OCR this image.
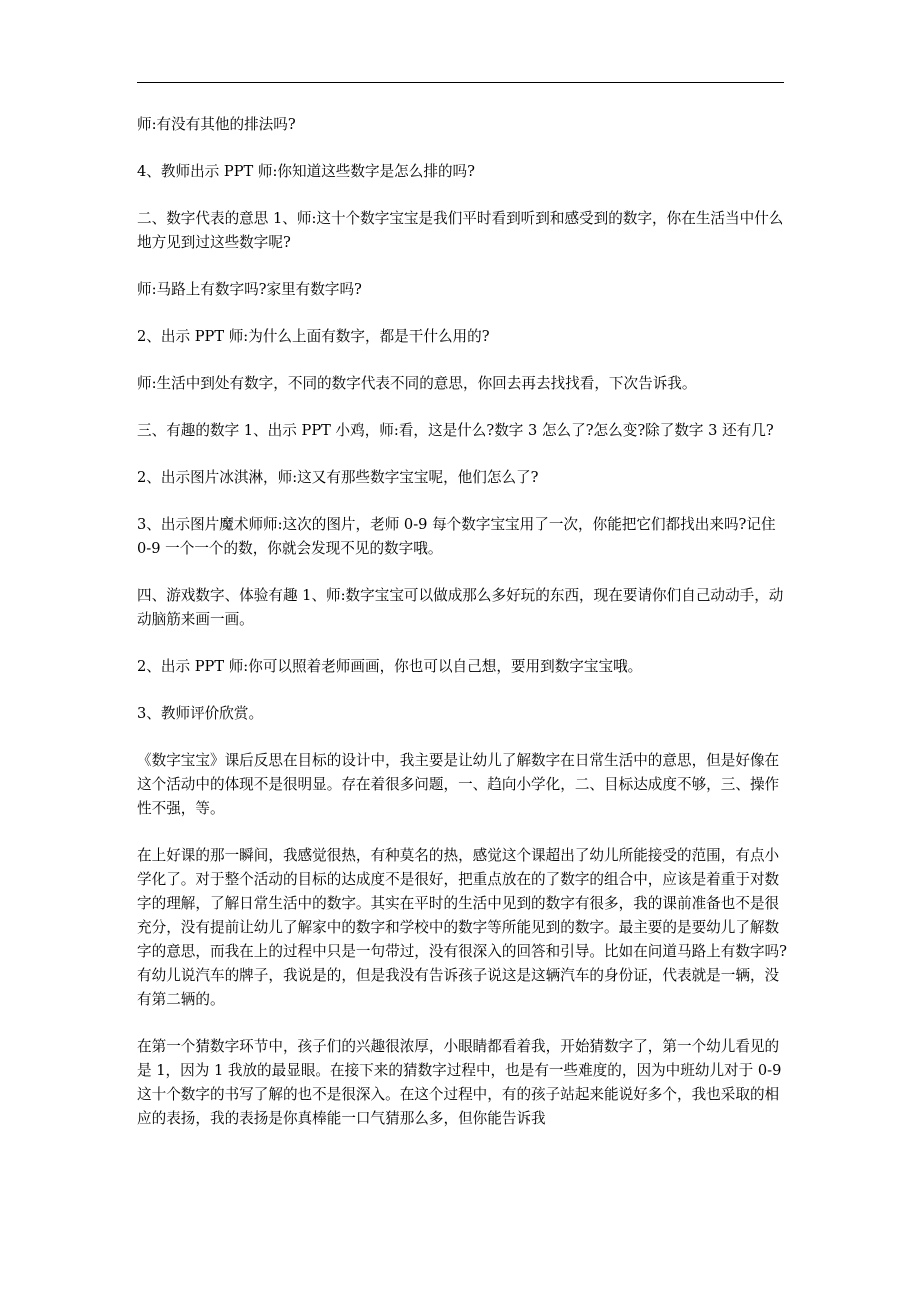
师:有没有其他的排法吗?

4、教师出示 PPT 师:你知道这些数字是怎么排的吗?

二、数字代表的意思 1、师:这十个数字宝宝是我们平时看到听到和感受到的数字，你在生活当中什么地方见到过这些数字呢?

师:马路上有数字吗?家里有数字吗?

2、出示 PPT 师:为什么上面有数字，都是干什么用的?

师:生活中到处有数字，不同的数字代表不同的意思，你回去再去找找看，下次告诉我。

三、有趣的数字 1、出示 PPT 小鸡，师:看，这是什么?数字 3 怎么了?怎么变?除了数字 3 还有几?

2、出示图片冰淇淋，师:这又有那些数字宝宝呢，他们怎么了?

3、出示图片魔术师师:这次的图片，老师 0-9 每个数字宝宝用了一次，你能把它们都找出来吗?记住 0-9 一个一个的数，你就会发现不见的数字哦。

四、游戏数字、体验有趣 1、师:数字宝宝可以做成那么多好玩的东西，现在要请你们自己动动手，动动脑筋来画一画。

2、出示 PPT 师:你可以照着老师画画，你也可以自己想，要用到数字宝宝哦。

3、教师评价欣赏。

《数字宝宝》课后反思在目标的设计中，我主要是让幼儿了解数字在日常生活中的意思，但是好像在这个活动中的体现不是很明显。存在着很多问题，一、趋向小学化，二、目标达成度不够，三、操作性不强，等。

在上好课的那一瞬间，我感觉很热，有种莫名的热，感觉这个课超出了幼儿所能接受的范围，有点小学化了。对于整个活动的目标的达成度不是很好，把重点放在的了数字的组合中，应该是着重于对数字的理解，了解日常生活中的数字。其实在平时的生活中见到的数字有很多，我的课前准备也不是很充分，没有提前让幼儿了解家中的数字和学校中的数字等所能见到的数字。最主要的是要幼儿了解数字的意思，而我在上的过程中只是一句带过，没有很深入的回答和引导。比如在问道马路上有数字吗?有幼儿说汽车的牌子，我说是的，但是我没有告诉孩子说这是这辆汽车的身份证，代表就是一辆，没有第二辆的。

在第一个猜数字环节中，孩子们的兴趣很浓厚，小眼睛都看着我，开始猜数字了，第一个幼儿看见的是 1，因为 1 我放的最显眼。在接下来的猜数字过程中，也是有一些难度的，因为中班幼儿对于 0-9 这十个数字的书写了解的也不是很深入。在这个过程中，有的孩子站起来能说好多个，我也采取的相应的表扬，我的表扬是你真棒能一口气猜那么多，但你能告诉我
